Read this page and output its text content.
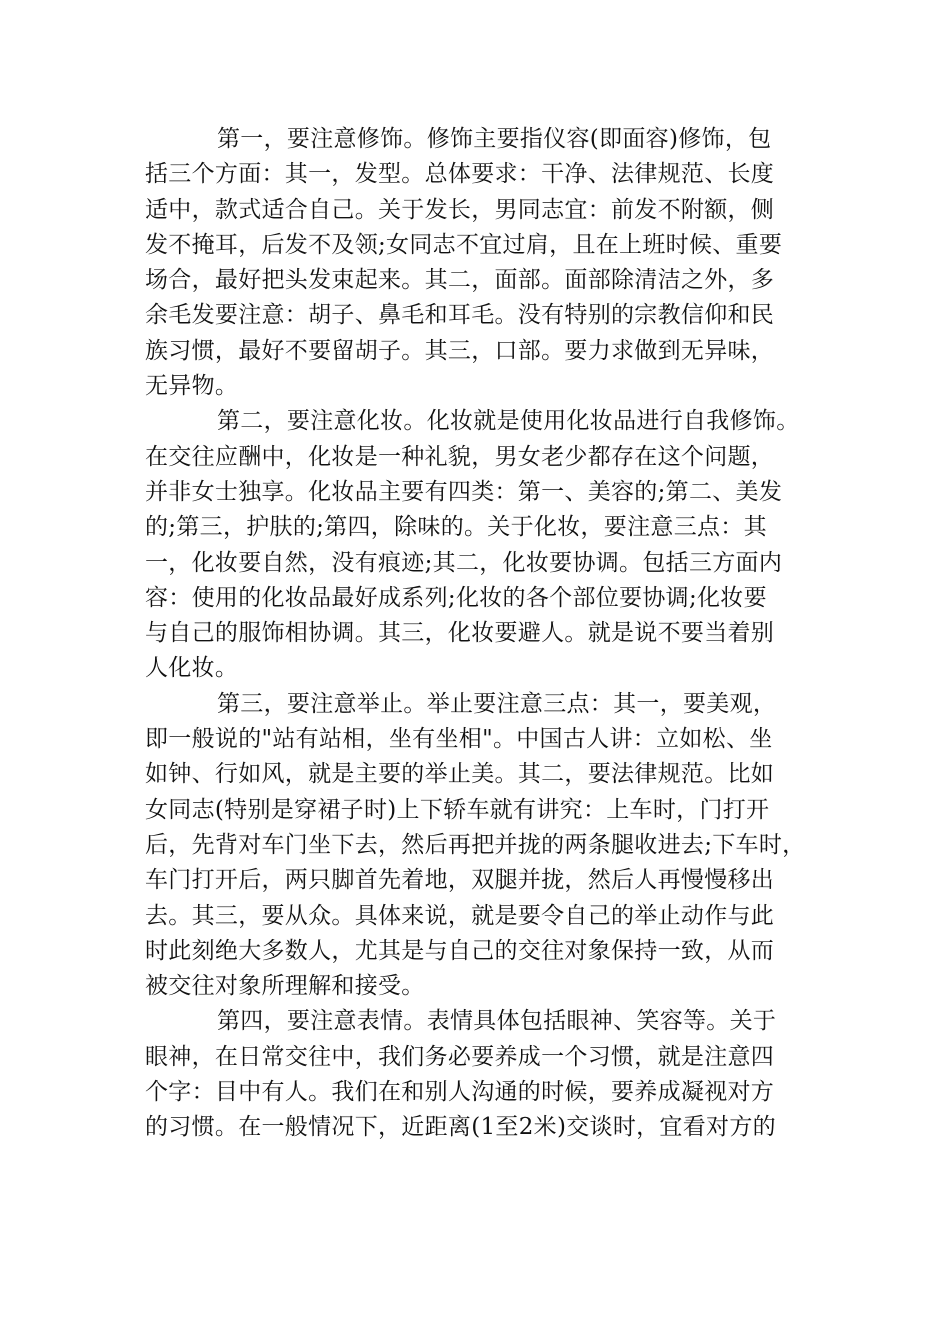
第一，要注意修饰。修饰主要指仪容(即面容)修饰，包
括三个方面：其一，发型。总体要求：干净、法律规范、长度
适中，款式适合自己。关于发长，男同志宜：前发不附额，侧
发不掩耳，后发不及领;女同志不宜过肩，且在上班时候、重要
场合，最好把头发束起来。其二，面部。面部除清洁之外，多
余毛发要注意：胡子、鼻毛和耳毛。没有特别的宗教信仰和民
族习惯，最好不要留胡子。其三，口部。要力求做到无异味，
无异物。
第二，要注意化妆。化妆就是使用化妆品进行自我修饰。
在交往应酬中，化妆是一种礼貌，男女老少都存在这个问题，
并非女士独享。化妆品主要有四类：第一、美容的;第二、美发
的;第三，护肤的;第四，除味的。关于化妆，要注意三点：其
一，化妆要自然，没有痕迹;其二，化妆要协调。包括三方面内
容：使用的化妆品最好成系列;化妆的各个部位要协调;化妆要
与自己的服饰相协调。其三，化妆要避人。就是说不要当着别
人化妆。
第三，要注意举止。举止要注意三点：其一，要美观，
即一般说的"站有站相，坐有坐相"。中国古人讲：立如松、坐
如钟、行如风，就是主要的举止美。其二，要法律规范。比如
女同志(特别是穿裙子时)上下轿车就有讲究：上车时，门打开
后，先背对车门坐下去，然后再把并拢的两条腿收进去;下车时，
车门打开后，两只脚首先着地，双腿并拢，然后人再慢慢移出
去。其三，要从众。具体来说，就是要令自己的举止动作与此
时此刻绝大多数人，尤其是与自己的交往对象保持一致，从而
被交往对象所理解和接受。
第四，要注意表情。表情具体包括眼神、笑容等。关于
眼神，在日常交往中，我们务必要养成一个习惯，就是注意四
个字：目中有人。我们在和别人沟通的时候，要养成凝视对方
的习惯。在一般情况下，近距离(1至2米)交谈时，宜看对方的
